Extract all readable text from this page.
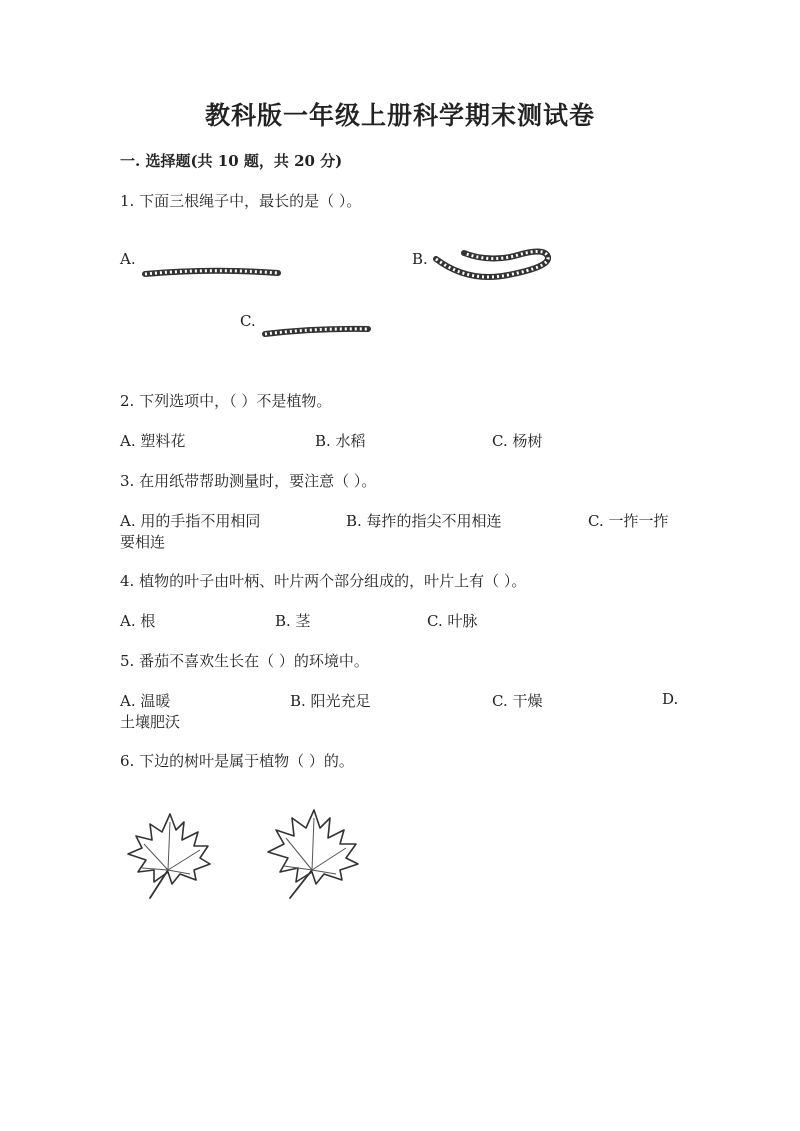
教科版一年级上册科学期末测试卷
一. 选择题(共 10 题，共 20 分)
1. 下面三根绳子中，最长的是（ ）。
A.	B.
C.
2. 下列选项中，（ ）不是植物。
A. 塑料花	B. 水稻	C. 杨树
3. 在用纸带帮助测量时，要注意（ ）。
A. 用的手指不用相同	B. 每拃的指尖不用相连	C. 一拃一拃
要相连
4. 植物的叶子由叶柄、叶片两个部分组成的，叶片上有（ ）。
A. 根	B. 茎	C. 叶脉
5. 番茄不喜欢生长在（ ）的环境中。
A. 温暖	B. 阳光充足	C. 干燥	D.
土壤肥沃
6. 下边的树叶是属于植物（ ）的。
